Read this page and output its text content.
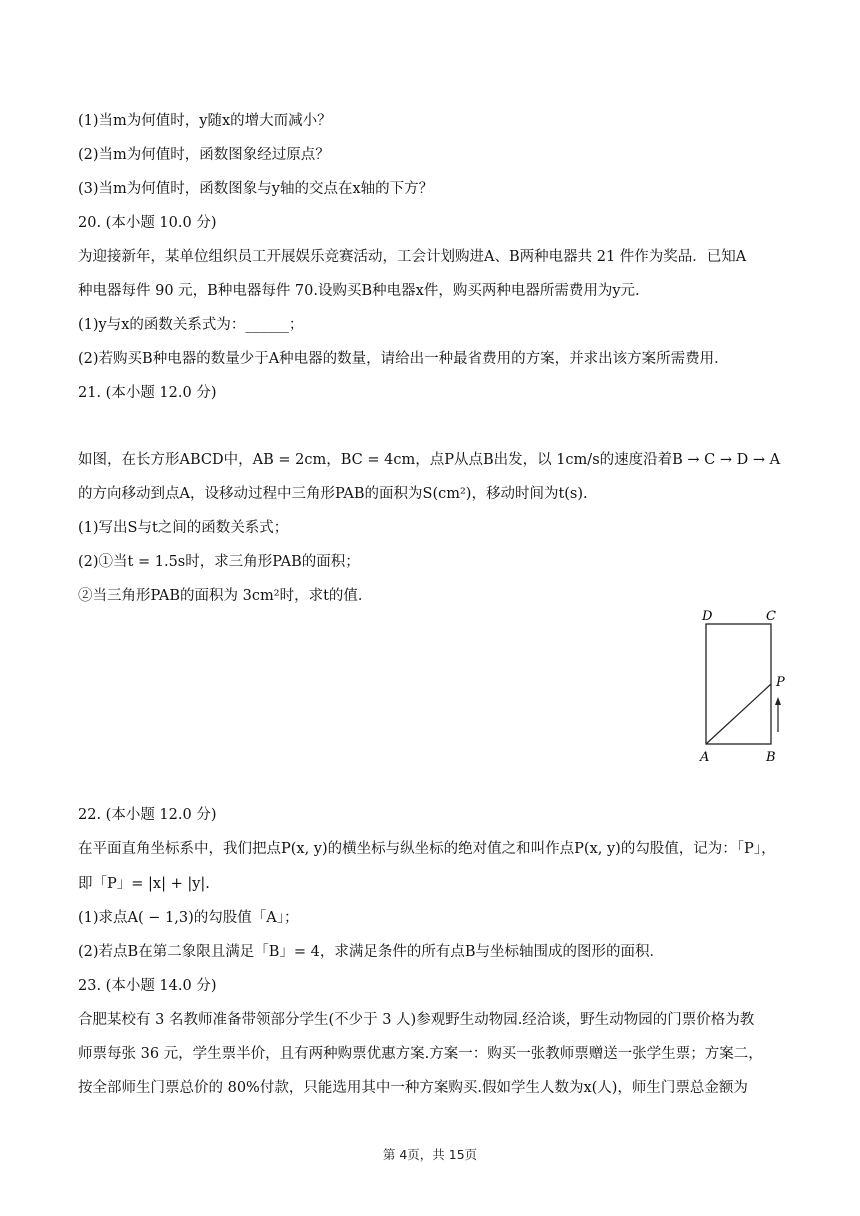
(1)当m为何值时，y随x的增大而减小？
(2)当m为何值时，函数图象经过原点？
(3)当m为何值时，函数图象与y轴的交点在x轴的下方？
20. (本小题 10.0 分)
为迎接新年，某单位组织员工开展娱乐竞赛活动，工会计划购进A、B两种电器共 21 件作为奖品．已知A
种电器每件 90 元，B种电器每件 70.设购买B种电器x件，购买两种电器所需费用为y元.
(1)y与x的函数关系式为：______；
(2)若购买B种电器的数量少于A种电器的数量，请给出一种最省费用的方案，并求出该方案所需费用．
21. (本小题 12.0 分)
如图，在长方形ABCD中，AB = 2cm，BC = 4cm，点P从点B出发，以 1cm/s的速度沿着B → C → D → A
的方向移动到点A，设移动过程中三角形PAB的面积为S(cm²)，移动时间为t(s).
(1)写出S与t之间的函数关系式；
(2)①当t = 1.5s时，求三角形PAB的面积；
②当三角形PAB的面积为 3cm²时，求t的值．
D	C
P
A	B
22. (本小题 12.0 分)
在平面直角坐标系中，我们把点P(x, y)的横坐标与纵坐标的绝对值之和叫作点P(x, y)的勾股值，记为：「P」，
即「P」= |x| + |y|.
(1)求点A( − 1,3)的勾股值「A」；
(2)若点B在第二象限且满足「B」= 4，求满足条件的所有点B与坐标轴围成的图形的面积．
23. (本小题 14.0 分)
合肥某校有 3 名教师准备带领部分学生(不少于 3 人)参观野生动物园.经洽谈，野生动物园的门票价格为教
师票每张 36 元，学生票半价，且有两种购票优惠方案.方案一：购买一张教师票赠送一张学生票；方案二，
按全部师生门票总价的 80%付款，只能选用其中一种方案购买.假如学生人数为x(人)，师生门票总金额为
第 4页，共 15页
